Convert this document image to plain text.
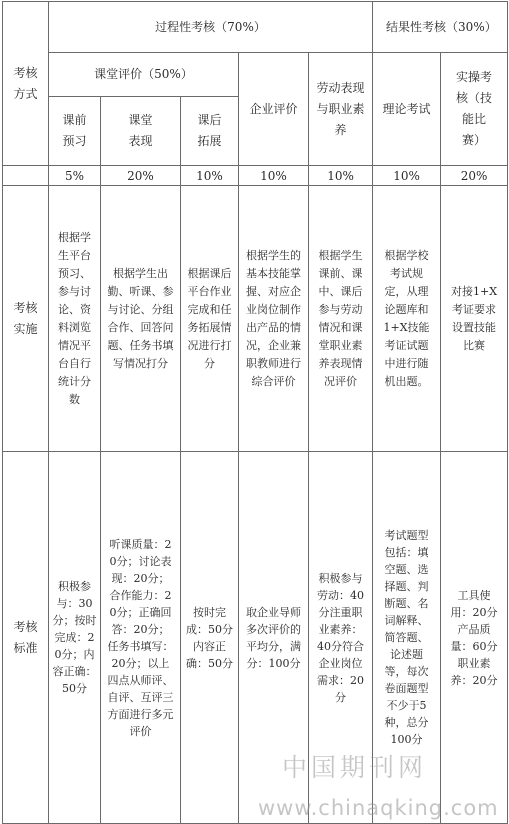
考核方式	过程性考核（70%）					结果性考核（30%）	

	课堂评价（50%）			企业评价	劳动表现与职业素养	理论考试	实操考核（技能比赛）

	课前预习	课堂表现	课后拓展				

	5%	20%	10%	10%	10%	10%	20%

考核实施	根据学生平台预习、参与讨论、资料浏览情况平台自行统计分数	根据学生出勤、听课、参与讨论、分组合作、回答问题、任务书填写情况打分	根据课后平台作业完成和任务拓展情况进行打分	根据学生的基本技能掌握、对应企业岗位制作出产品的情况，企业兼职教师进行综合评价	根据学生课前、课中、课后参与劳动情况和课堂职业素养表现情况评价	根据学校考试规定，从理论题库和1+X技能考证试题中进行随机出题。	对接1+X考证要求设置技能比赛

考核标准	积极参与：30分；按时完成：20分；内容正确：50分	听课质量：20分；讨论表现：20分；合作能力：20分；正确回答：20分；任务书填写：20分；以上四点从师评、自评、互评三方面进行多元评价	按时完成：50分内容正确：50分	取企业导师多次评价的平均分，满分：100分	积极参与劳动：40分注重职业素养：40分符合企业岗位需求：20分	考试题型包括：填空题、选择题、判断题、名词解释、简答题、论述题等，每次卷面题型不少于5种，总分100分	工具使用：20分产品质量：60分职业素养：20分
中国期刊网
www.chinaqking.com
